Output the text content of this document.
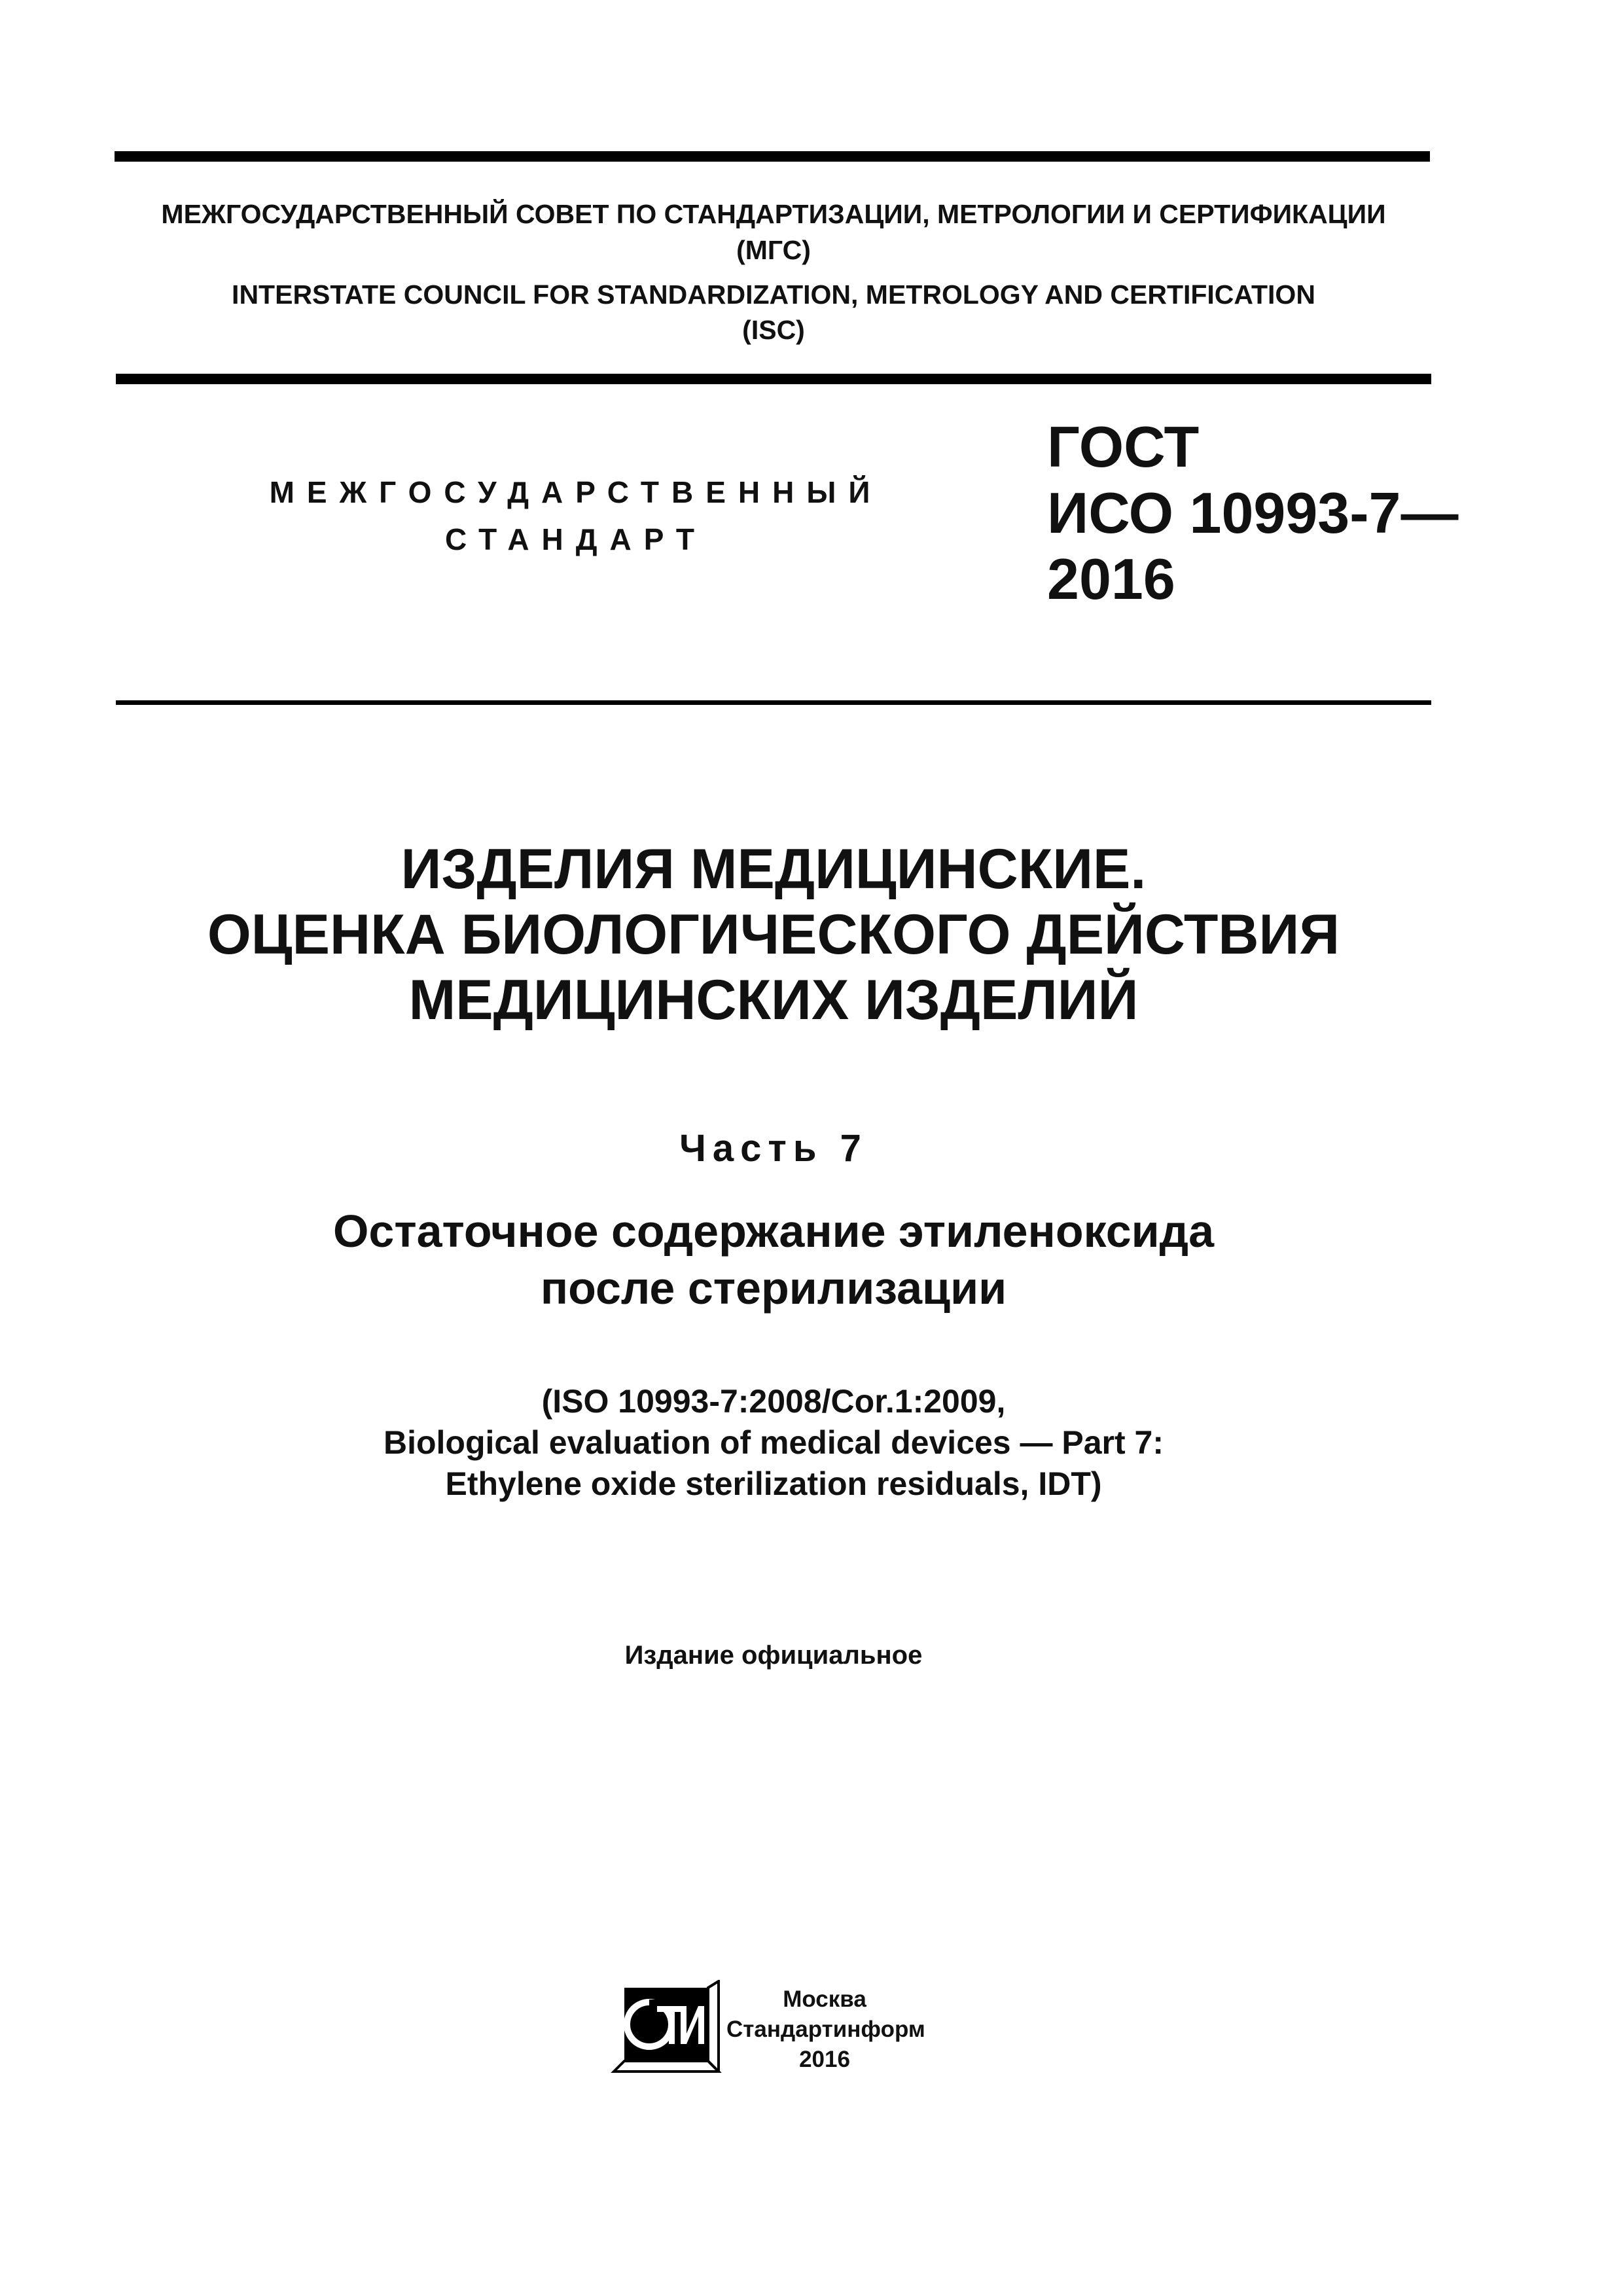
МЕЖГОСУДАРСТВЕННЫЙ СОВЕТ ПО СТАНДАРТИЗАЦИИ, МЕТРОЛОГИИ И СЕРТИФИКАЦИИ
(МГС)
INTERSTATE COUNCIL FOR STANDARDIZATION, METROLOGY AND CERTIFICATION
(ISC)
МЕЖГОСУДАРСТВЕННЫЙ
СТАНДАРТ
ГОСТ
ИСО 10993-7—
2016
ИЗДЕЛИЯ МЕДИЦИНСКИЕ.
ОЦЕНКА БИОЛОГИЧЕСКОГО ДЕЙСТВИЯ
МЕДИЦИНСКИХ ИЗДЕЛИЙ
Часть 7
Остаточное содержание этиленоксида
после стерилизации
(ISO 10993-7:2008/Cor.1:2009,
Biological evaluation of medical devices — Part 7:
Ethylene oxide sterilization residuals, IDT)
Издание официальное
Москва
Стандартинформ
2016
